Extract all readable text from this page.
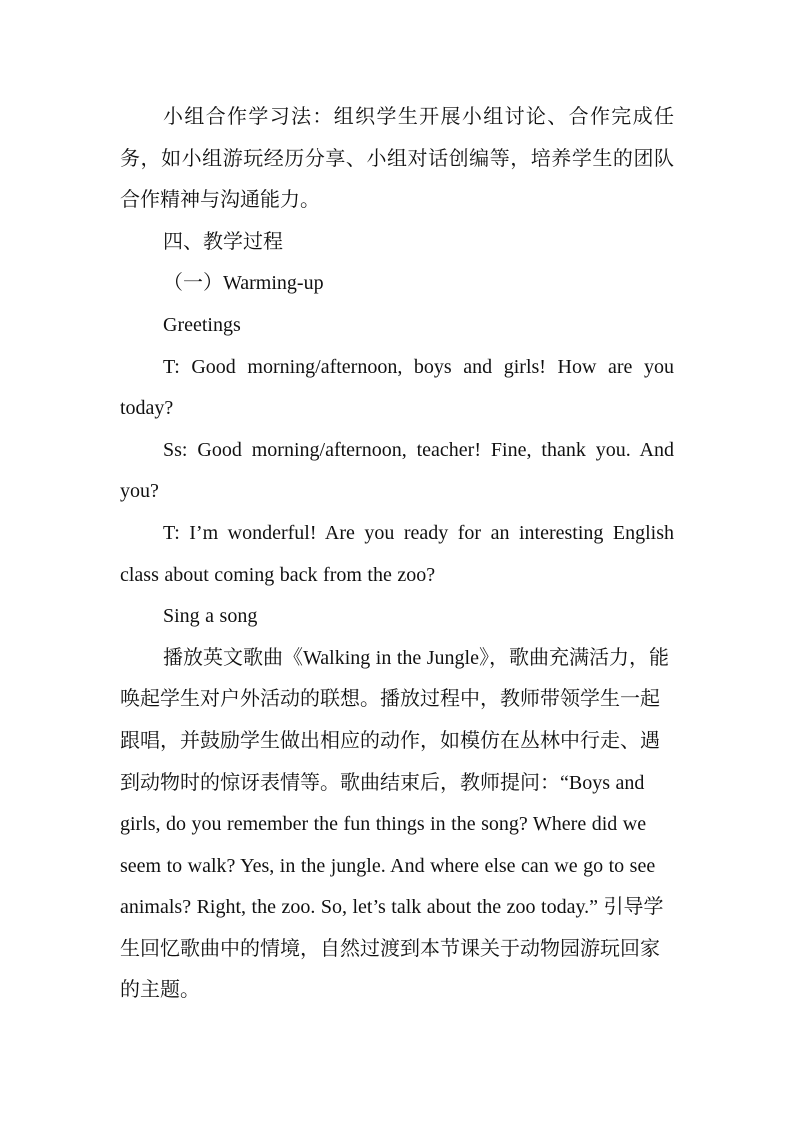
小组合作学习法：组织学生开展小组讨论、合作完成任务，如小组游玩经历分享、小组对话创编等，培养学生的团队合作精神与沟通能力。

四、教学过程

（一）Warming-up

Greetings

T: Good morning/afternoon, boys and girls! How are you today?

Ss: Good morning/afternoon, teacher! Fine, thank you. And you?

T: I’m wonderful! Are you ready for an interesting English class about coming back from the zoo?

Sing a song

播放英文歌曲《Walking in the Jungle》，歌曲充满活力，能唤起学生对户外活动的联想。播放过程中，教师带领学生一起跟唱，并鼓励学生做出相应的动作，如模仿在丛林中行走、遇到动物时的惊讶表情等。歌曲结束后，教师提问：“Boys and girls, do you remember the fun things in the song? Where did we seem to walk? Yes, in the jungle. And where else can we go to see animals? Right, the zoo. So, let’s talk about the zoo today.” 引导学生回忆歌曲中的情境，自然过渡到本节课关于动物园游玩回家的主题。
